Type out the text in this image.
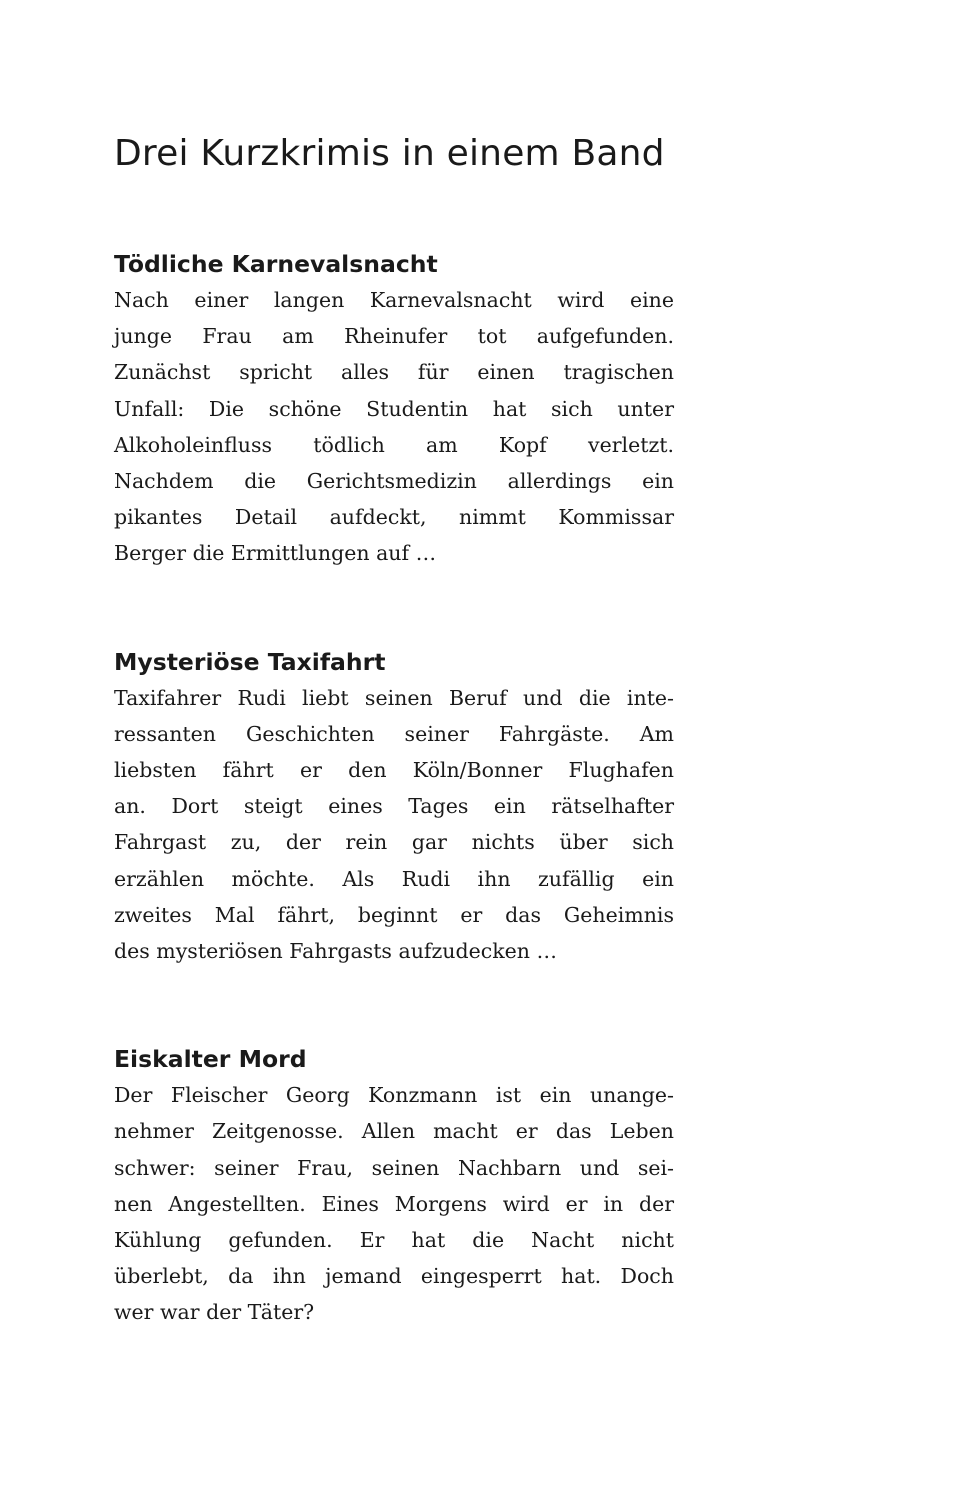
Drei Kurzkrimis in einem Band
Tödliche Karnevalsnacht

Nach einer langen Karnevalsnacht wird eine
junge Frau am Rheinufer tot aufgefunden.
Zunächst spricht alles für einen tragischen
Unfall: Die schöne Studentin hat sich unter
Alkoholeinfluss tödlich am Kopf verletzt.
Nachdem die Gerichtsmedizin allerdings ein
pikantes Detail aufdeckt, nimmt Kommissar
Berger die Ermittlungen auf …

Mysteriöse Taxifahrt

Taxifahrer Rudi liebt seinen Beruf und die inte-
ressanten Geschichten seiner Fahrgäste. Am
liebsten fährt er den Köln/Bonner Flughafen
an. Dort steigt eines Tages ein rätselhafter
Fahrgast zu, der rein gar nichts über sich
erzählen möchte. Als Rudi ihn zufällig ein
zweites Mal fährt, beginnt er das Geheimnis
des mysteriösen Fahrgasts aufzudecken …

Eiskalter Mord

Der Fleischer Georg Konzmann ist ein unange-
nehmer Zeitgenosse. Allen macht er das Leben
schwer: seiner Frau, seinen Nachbarn und sei-
nen Angestellten. Eines Morgens wird er in der
Kühlung gefunden. Er hat die Nacht nicht
überlebt, da ihn jemand eingesperrt hat. Doch
wer war der Täter?
